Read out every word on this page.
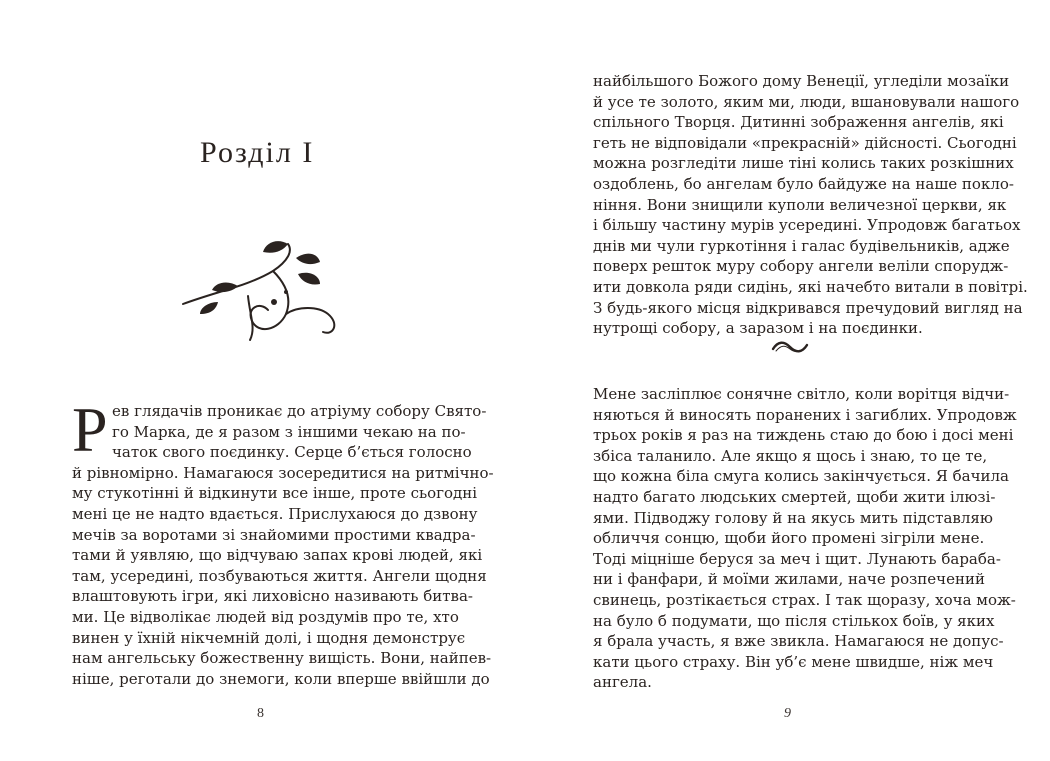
Розділ І
Р ев глядачів проникає до атріуму собору Свято-
го Марка, де я разом з іншими чекаю на по-
чаток свого поєдинку. Серце б’ється голосно
й рівномірно. Намагаюся зосередитися на ритмічно-
му стукотінні й відкинути все інше, проте сьогодні
мені це не надто вдається. Прислухаюся до дзвону
мечів за воротами зі знайомими простими квадра-
тами й уявляю, що відчуваю запах крові людей, які
там, усередині, позбуваються життя. Ангели щодня
влаштовують ігри, які лиховісно називають битва-
ми. Це відволікає людей від роздумів про те, хто
винен у їхній нікчемній долі, і щодня демонструє
нам ангельську божественну вищість. Вони, найпев-
ніше, реготали до знемоги, коли вперше ввійшли до
8
найбільшого Божого дому Венеції, угледіли мозаїки
й усе те золото, яким ми, люди, вшановували нашого
спільного Творця. Дитинні зображення ангелів, які
геть не відповідали «прекрасній» дійсності. Сьогодні
можна розгледіти лише тіні колись таких розкішних
оздоблень, бо ангелам було байдуже на наше покло-
ніння. Вони знищили куполи величезної церкви, як
і більшу частину мурів усередині. Упродовж багатьох
днів ми чули гуркотіння і галас будівельників, адже
поверх решток муру собору ангели веліли спорудж-
ити довкола ряди сидінь, які начебто витали в повітрі.
З будь-якого місця відкривався пречудовий вигляд на
нутрощі собору, а заразом і на поєдинки.
Мене засліплює сонячне світло, коли ворітця відчи-
няються й виносять поранених і загиблих. Упродовж
трьох років я раз на тиждень стаю до бою і досі мені
збіса таланило. Але якщо я щось і знаю, то це те,
що кожна біла смуга колись закінчується. Я бачила
надто багато людських смертей, щоби жити ілюзі-
ями. Підводжу голову й на якусь мить підставляю
обличчя сонцю, щоби його промені зігріли мене.
Тоді міцніше беруся за меч і щит. Лунають бараба-
ни і фанфари, й моїми жилами, наче розпечений
свинець, розтікається страх. І так щоразу, хоча мож-
на було б подумати, що після стількох боїв, у яких
я брала участь, я вже звикла. Намагаюся не допус-
кати цього страху. Він уб’є мене швидше, ніж меч
ангела.
9
